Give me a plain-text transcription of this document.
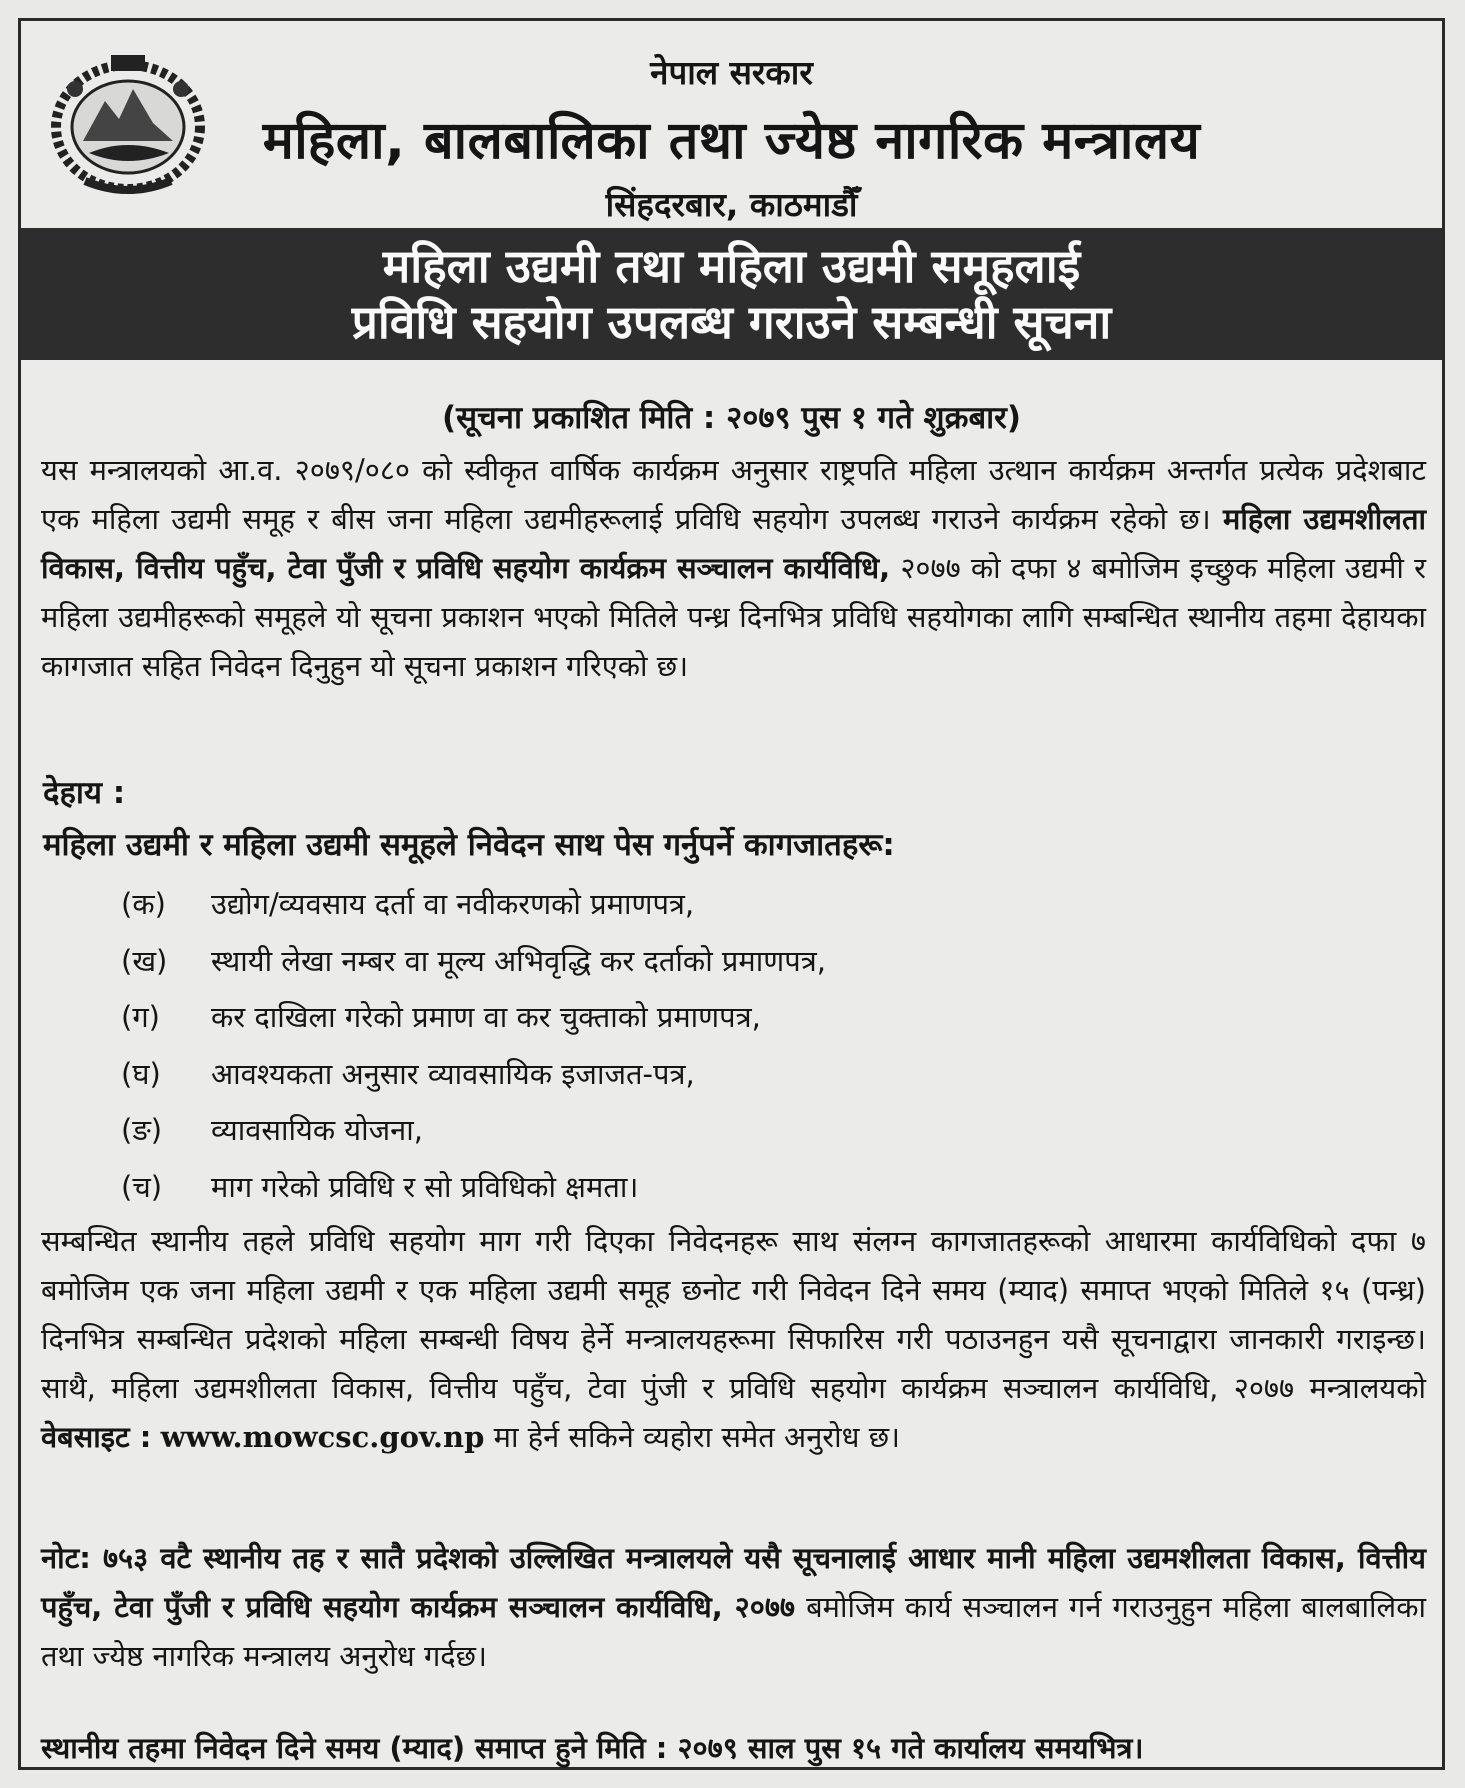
नेपाल सरकार
महिला, बालबालिका तथा ज्येष्ठ नागरिक मन्त्रालय
सिंहदरबार, काठमाडौँ
महिला उद्यमी तथा महिला उद्यमी समूहलाई
प्रविधि सहयोग उपलब्ध गराउने सम्बन्धी सूचना
(सूचना प्रकाशित मिति : २०७९ पुस १ गते शुक्रबार)
यस मन्त्रालयको आ.व. २०७९/०८० को स्वीकृत वार्षिक कार्यक्रम अनुसार राष्ट्रपति महिला उत्थान कार्यक्रम अन्तर्गत प्रत्येक प्रदेशबाट एक महिला उद्यमी समूह र बीस जना महिला उद्यमीहरूलाई प्रविधि सहयोग उपलब्ध गराउने कार्यक्रम रहेको छ। महिला उद्यमशीलता विकास, वित्तीय पहुँच, टेवा पुँजी र प्रविधि सहयोग कार्यक्रम सञ्चालन कार्यविधि, २०७७ को दफा ४ बमोजिम इच्छुक महिला उद्यमी र महिला उद्यमीहरूको समूहले यो सूचना प्रकाशन भएको मितिले पन्ध्र दिनभित्र प्रविधि सहयोगका लागि सम्बन्धित स्थानीय तहमा देहायका कागजात सहित निवेदन दिनुहुन यो सूचना प्रकाशन गरिएको छ।
देहाय :
महिला उद्यमी र महिला उद्यमी समूहले निवेदन साथ पेस गर्नुपर्ने कागजातहरू:
(क) उद्योग/व्यवसाय दर्ता वा नवीकरणको प्रमाणपत्र,
(ख) स्थायी लेखा नम्बर वा मूल्य अभिवृद्धि कर दर्ताको प्रमाणपत्र,
(ग) कर दाखिला गरेको प्रमाण वा कर चुक्ताको प्रमाणपत्र,
(घ) आवश्यकता अनुसार व्यावसायिक इजाजत-पत्र,
(ङ) व्यावसायिक योजना,
(च) माग गरेको प्रविधि र सो प्रविधिको क्षमता।
सम्बन्धित स्थानीय तहले प्रविधि सहयोग माग गरी दिएका निवेदनहरू साथ संलग्न कागजातहरूको आधारमा कार्यविधिको दफा ७ बमोजिम एक जना महिला उद्यमी र एक महिला उद्यमी समूह छनोट गरी निवेदन दिने समय (म्याद) समाप्त भएको मितिले १५ (पन्ध्र) दिनभित्र सम्बन्धित प्रदेशको महिला सम्बन्धी विषय हेर्ने मन्त्रालयहरूमा सिफारिस गरी पठाउनहुन यसै सूचनाद्वारा जानकारी गराइन्छ। साथै, महिला उद्यमशीलता विकास, वित्तीय पहुँच, टेवा पुंजी र प्रविधि सहयोग कार्यक्रम सञ्चालन कार्यविधि, २०७७ मन्त्रालयको वेबसाइट : www.mowcsc.gov.np मा हेर्न सकिने व्यहोरा समेत अनुरोध छ।
नोट: ७५३ वटै स्थानीय तह र सातै प्रदेशको उल्लिखित मन्त्रालयले यसै सूचनालाई आधार मानी महिला उद्यमशीलता विकास, वित्तीय पहुँच, टेवा पुँजी र प्रविधि सहयोग कार्यक्रम सञ्चालन कार्यविधि, २०७७ बमोजिम कार्य सञ्चालन गर्न गराउनुहुन महिला बालबालिका तथा ज्येष्ठ नागरिक मन्त्रालय अनुरोध गर्दछ।
स्थानीय तहमा निवेदन दिने समय (म्याद) समाप्त हुने मिति : २०७९ साल पुस १५ गते कार्यालय समयभित्र।
